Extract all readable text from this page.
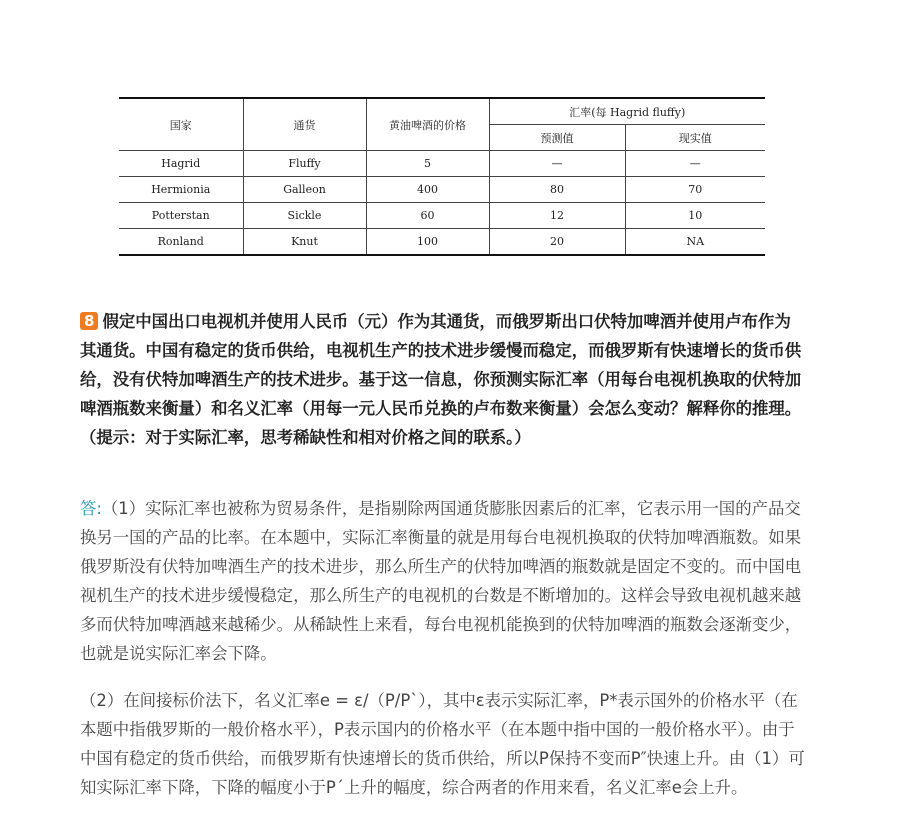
国家	通货	黄油啤酒的价格	汇率(每 Hagrid fluffy)	
			预测值	现实值
Hagrid	Fluffy	5	—	—
Hermionia	Galleon	400	80	70
Potterstan	Sickle	60	12	10
Ronland	Knut	100	20	NA
8 假定中国出口电视机并使用人民币（元）作为其通货，而俄罗斯出口伏特加啤酒并使用卢布作为其通货。中国有稳定的货币供给，电视机生产的技术进步缓慢而稳定，而俄罗斯有快速增长的货币供给，没有伏特加啤酒生产的技术进步。基于这一信息，你预测实际汇率（用每台电视机换取的伏特加啤酒瓶数来衡量）和名义汇率（用每一元人民币兑换的卢布数来衡量）会怎么变动？解释你的推理。（提示：对于实际汇率，思考稀缺性和相对价格之间的联系。）
答:（1）实际汇率也被称为贸易条件，是指剔除两国通货膨胀因素后的汇率，它表示用一国的产品交换另一国的产品的比率。在本题中，实际汇率衡量的就是用每台电视机换取的伏特加啤酒瓶数。如果俄罗斯没有伏特加啤酒生产的技术进步，那么所生产的伏特加啤酒的瓶数就是固定不变的。而中国电视机生产的技术进步缓慢稳定，那么所生产的电视机的台数是不断增加的。这样会导致电视机越来越多而伏特加啤酒越来越稀少。从稀缺性上来看，每台电视机能换到的伏特加啤酒的瓶数会逐渐变少，也就是说实际汇率会下降。
（2）在间接标价法下，名义汇率e = ε/（P/P`），其中ε表示实际汇率，P*表示国外的价格水平（在本题中指俄罗斯的一般价格水平），P表示国内的价格水平（在本题中指中国的一般价格水平）。由于中国有稳定的货币供给，而俄罗斯有快速增长的货币供给，所以P保持不变而P″快速上升。由（1）可知实际汇率下降，下降的幅度小于P´上升的幅度，综合两者的作用来看，名义汇率e会上升。
